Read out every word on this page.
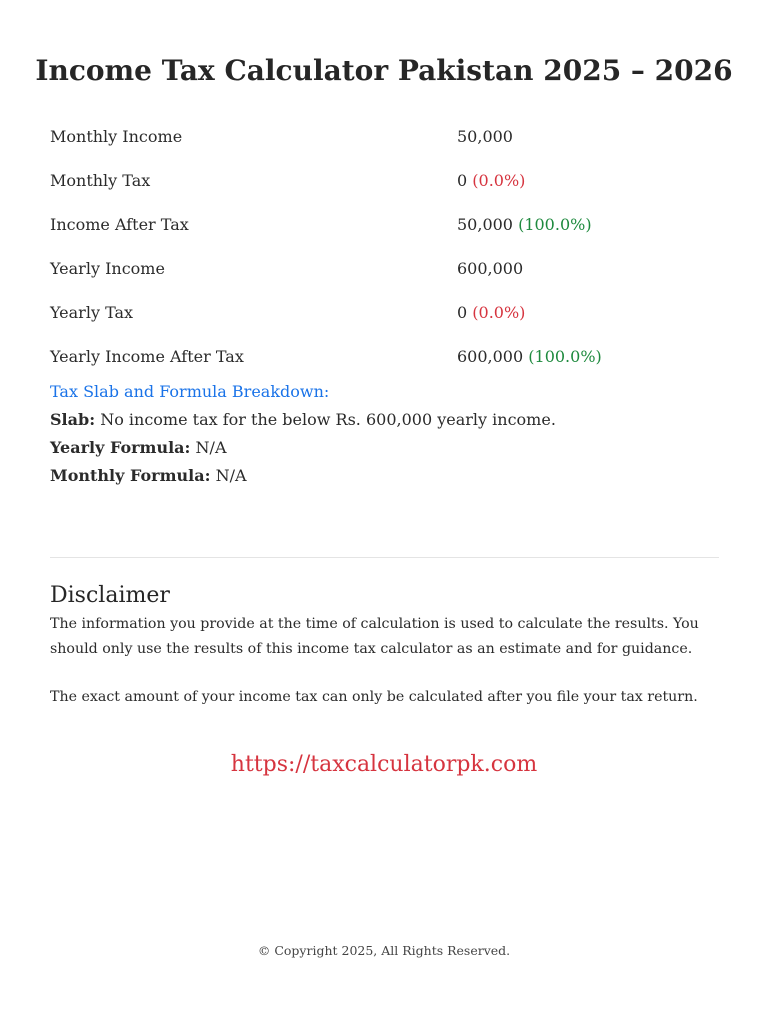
Income Tax Calculator Pakistan 2025 – 2026
Monthly Income	50,000
Monthly Tax	0 (0.0%)
Income After Tax	50,000 (100.0%)
Yearly Income	600,000
Yearly Tax	0 (0.0%)
Yearly Income After Tax	600,000 (100.0%)
Tax Slab and Formula Breakdown:
Slab: No income tax for the below Rs. 600,000 yearly income.
Yearly Formula: N/A
Monthly Formula: N/A
Disclaimer

The information you provide at the time of calculation is used to calculate the results. You should only use the results of this income tax calculator as an estimate and for guidance.

The exact amount of your income tax can only be calculated after you file your tax return.

https://taxcalculatorpk.com
© Copyright 2025, All Rights Reserved.
